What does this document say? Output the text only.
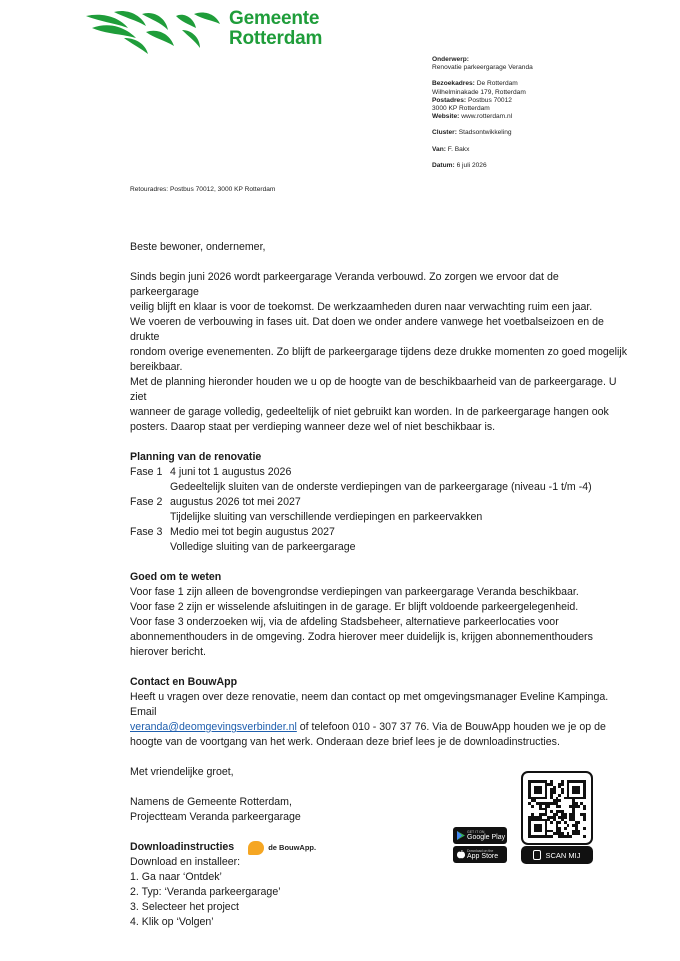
Gemeente
Rotterdam
Onderwerp:
Renovatie parkeergarage Veranda
Bezoekadres: De Rotterdam
Wilhelminakade 179, Rotterdam
Postadres: Postbus 70012
3000 KP Rotterdam
Website: www.rotterdam.nl
Cluster: Stadsontwikkeling
Van: F. Bakx
Datum: 6 juli 2026
Retouradres: Postbus 70012, 3000 KP Rotterdam

Beste bewoner, ondernemer,

Sinds begin juni 2026 wordt parkeergarage Veranda verbouwd. Zo zorgen we ervoor dat de parkeergarage

veilig blijft en klaar is voor de toekomst. De werkzaamheden duren naar verwachting ruim een jaar.

We voeren de verbouwing in fases uit. Dat doen we onder andere vanwege het voetbalseizoen en de drukte

rondom overige evenementen. Zo blijft de parkeergarage tijdens deze drukke momenten zo goed mogelijk

bereikbaar.

Met de planning hieronder houden we u op de hoogte van de beschikbaarheid van de parkeergarage. U ziet

wanneer de garage volledig, gedeeltelijk of niet gebruikt kan worden. In de parkeergarage hangen ook

posters. Daarop staat per verdieping wanneer deze wel of niet beschikbaar is.

Planning van de renovatie

Fase 1 4 juni tot 1 augustus 2026

Gedeeltelijk sluiten van de onderste verdiepingen van de parkeergarage (niveau -1 t/m -4)

Fase 2 augustus 2026 tot mei 2027

Tijdelijke sluiting van verschillende verdiepingen en parkeervakken

Fase 3 Medio mei tot begin augustus 2027

Volledige sluiting van de parkeergarage

Goed om te weten

Voor fase 1 zijn alleen de bovengrondse verdiepingen van parkeergarage Veranda beschikbaar.

Voor fase 2 zijn er wisselende afsluitingen in de garage. Er blijft voldoende parkeergelegenheid.

Voor fase 3 onderzoeken wij, via de afdeling Stadsbeheer, alternatieve parkeerlocaties voor

abonnementhouders in de omgeving. Zodra hierover meer duidelijk is, krijgen abonnementhouders

hierover bericht.

Contact en BouwApp

Heeft u vragen over deze renovatie, neem dan contact op met omgevingsmanager Eveline Kampinga. Email

veranda@deomgevingsverbinder.nl of telefoon 010 - 307 37 76. Via de BouwApp houden we je op de

hoogte van de voortgang van het werk. Onderaan deze brief lees je de downloadinstructies.

Met vriendelijke groet,

Namens de Gemeente Rotterdam,

Projectteam Veranda parkeergarage

Downloadinstructies	de BouwApp.

Download en installeer:

1. Ga naar ‘Ontdek’

2. Typ: ‘Veranda parkeergarage’

3. Selecteer het project

4. Klik op ‘Volgen’

GET IT ON
Google Play
Download on the
App Store	SCAN MIJ
